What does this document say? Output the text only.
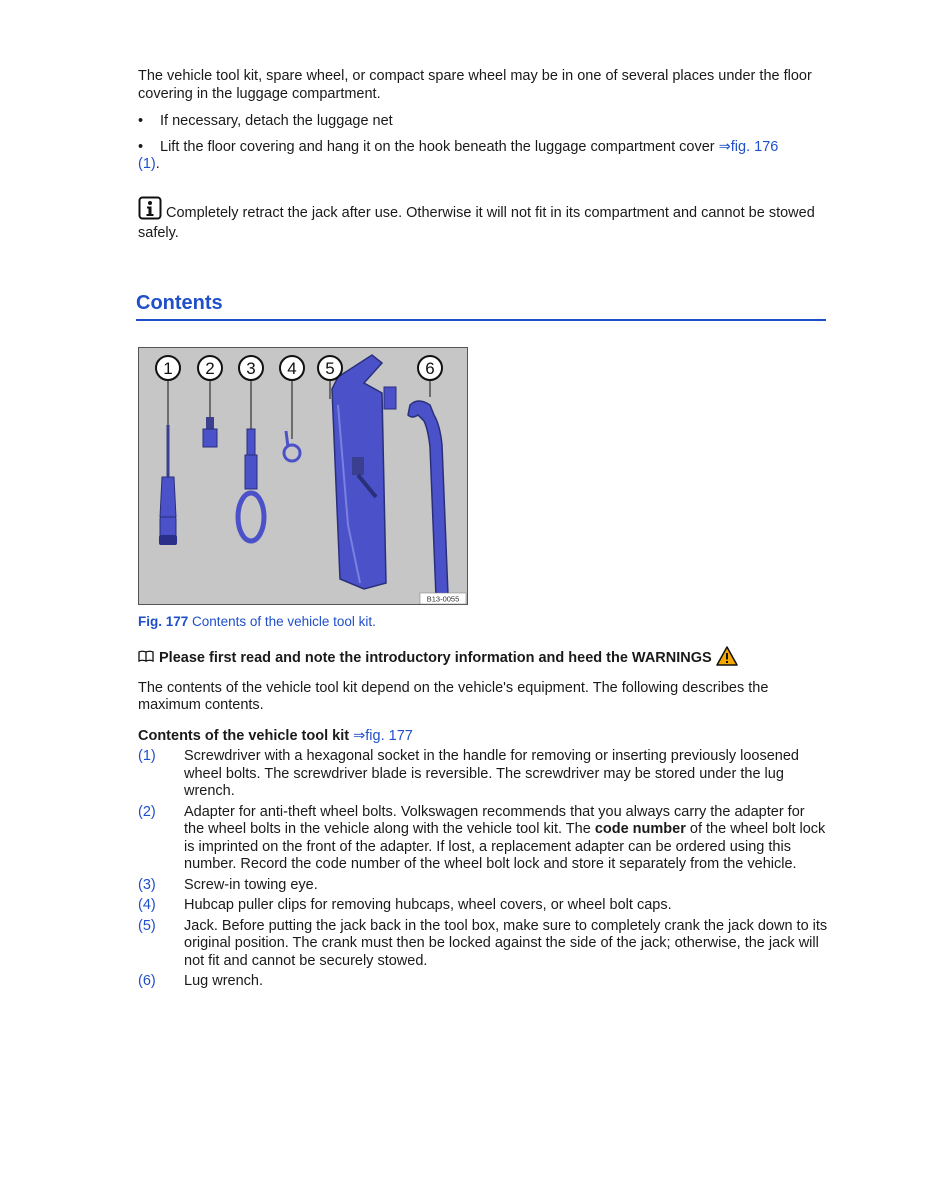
The vehicle tool kit, spare wheel, or compact spare wheel may be in one of several places under the floor covering in the luggage compartment.

•	If necessary, detach the luggage net
•	Lift the floor covering and hang it on the hook beneath the luggage compartment cover ⇒fig. 176
(1).

Completely retract the jack after use. Otherwise it will not fit in its compartment and cannot be stowed safely.

Contents
1 2 3 4 5	6
B13-0055

Fig. 177 Contents of the vehicle tool kit.

Please first read and note the introductory information and heed the WARNINGS

The contents of the vehicle tool kit depend on the vehicle's equipment. The following describes the maximum contents.

Contents of the vehicle tool kit ⇒fig. 177

(1)	Screwdriver with a hexagonal socket in the handle for removing or inserting previously loosened wheel bolts. The screwdriver blade is reversible. The screwdriver may be stored under the lug wrench.
(2)	Adapter for anti-theft wheel bolts. Volkswagen recommends that you always carry the adapter for the wheel bolts in the vehicle along with the vehicle tool kit. The code number of the wheel bolt lock is imprinted on the front of the adapter. If lost, a replacement adapter can be ordered using this number. Record the code number of the wheel bolt lock and store it separately from the vehicle.
(3)	Screw-in towing eye.
(4)	Hubcap puller clips for removing hubcaps, wheel covers, or wheel bolt caps.
(5)	Jack. Before putting the jack back in the tool box, make sure to completely crank the jack down to its original position. The crank must then be locked against the side of the jack; otherwise, the jack will not fit and cannot be securely stowed.
(6)	Lug wrench.
